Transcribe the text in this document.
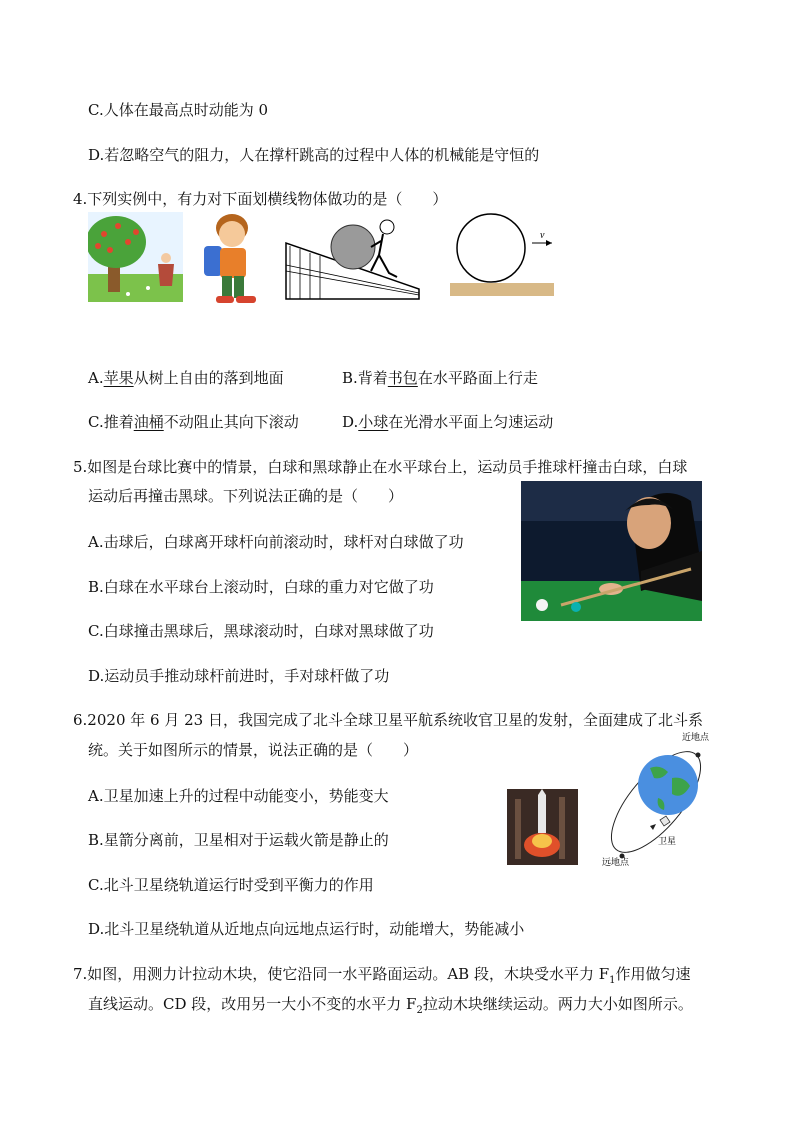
C.人体在最高点时动能为 0
D.若忽略空气的阻力，人在撑杆跳高的过程中人体的机械能是守恒的
4.下列实例中，有力对下面划横线物体做功的是（　　）
v
A.苹果从树上自由的落到地面	B.背着书包在水平路面上行走
C.推着油桶不动阻止其向下滚动	D.小球在光滑水平面上匀速运动
5.如图是台球比赛中的情景，白球和黑球静止在水平球台上，运动员手推球杆撞击白球，白球
运动后再撞击黑球。下列说法正确的是（　　）
A.击球后，白球离开球杆向前滚动时，球杆对白球做了功
B.白球在水平球台上滚动时，白球的重力对它做了功
C.白球撞击黑球后，黑球滚动时，白球对黑球做了功
D.运动员手推动球杆前进时，手对球杆做了功
6.2020 年 6 月 23 日，我国完成了北斗全球卫星平航系统收官卫星的发射，全面建成了北斗系
统。关于如图所示的情景，说法正确的是（　　）
近地点
卫星
远地点
A.卫星加速上升的过程中动能变小，势能变大
B.星箭分离前，卫星相对于运载火箭是静止的
C.北斗卫星绕轨道运行时受到平衡力的作用
D.北斗卫星绕轨道从近地点向远地点运行时，动能增大，势能减小
7.如图，用测力计拉动木块，使它沿同一水平路面运动。AB 段，木块受水平力 $F_1$作用做匀速
直线运动。CD 段，改用另一大小不变的水平力 $F_2$拉动木块继续运动。两力大小如图所示。
